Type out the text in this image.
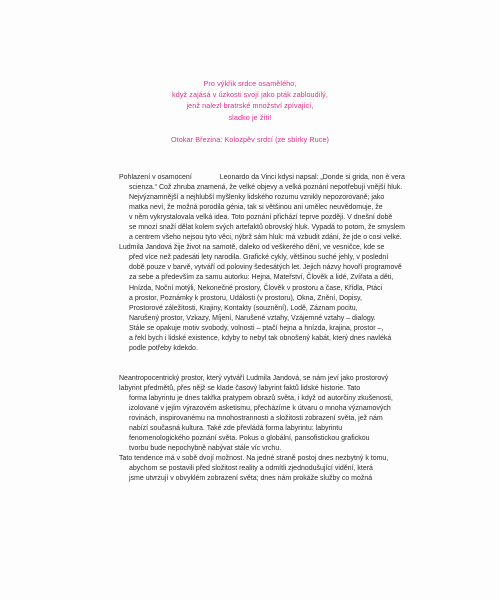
Pro výkřik srdce osamělého,
když zajásá v úzkosti svojí jako pták zabloudilý,
jenž nalezl bratrské množství zpívající,
sladko je žíti!
Otokar Březina: Kolozpěv srdcí (ze sbírky Ruce)
Pohlazení v osamocení	Leonardo da Vinci kdysi napsal: „Donde si grida, non è vera
scienza.“ Což zhruba znamená, že velké objevy a velká poznání nepotřebují vnější hluk.
Nejvýznamnější a nejhlubší myšlenky lidského rozumu vznikly nepozorovaně; jako
matka neví, že možná porodila génia, tak si většinou ani umělec neuvědomuje, že
v něm vykrystalovala velká idea. Toto poznání přichází teprve později. V dnešní době
se mnozí snaží dělat kolem svých artefaktů obrovský hluk. Vypadá to potom, že smyslem
a centrem všeho nejsou tyto věci, nýbrž sám hluk: má vzbudit zdání, že jde o cosi velké.
Ludmila Jandová žije život na samotě, daleko od veškerého dění, ve vesničce, kde se
před více než padesáti lety narodila. Grafické cykly, většinou suché jehly, v poslední
době pouze v barvě, vytváří od poloviny šedesátých let. Jejich názvy hovoří programově
za sebe a především za samu autorku: Hejna, Mateřství, Člověk a lidé, Zvířata a děti,
Hnízda, Noční motýli, Nekonečné prostory, Člověk v prostoru a čase, Křídla, Ptáci
a prostor, Poznámky k prostoru, Události (v prostoru), Okna, Znění, Dopisy,
Prostorové záležitosti, Krajiny, Kontakty (souznění), Lodě, Záznam pocitu,
Narušený prostor, Vzkazy, Míjení, Narušené vztahy, Vzájemné vztahy – dialogy.
Stále se opakuje motiv svobody, volnosti – ptačí hejna a hnízda, krajina, prostor –,
a řekl bych i lidské existence, kdyby to nebyl tak obnošený kabát, který dnes navléká
podle potřeby kdekdo.
Neantropocentrický prostor, který vytváří Ludmila Jandová, se nám jeví jako prostorový
labyrint předmětů, přes nějž se klade časový labyrint faktů lidské historie. Tato
forma labyrintu je dnes takřka pratypem obrazů světa, i když od autorčiny zkušenosti,
izolované v jejím výrazovém asketismu, přecházíme k útvaru o mnoha významových
rovinách, inspirovanému na mnohostrannosti a složitosti zobrazení světa, jež nám
nabízí současná kultura. Také zde převládá forma labyrintu: labyrintu
fenomenologického poznání světa. Pokus o globální, pansofistickou grafickou
tvorbu bude nepochybně nabývat stále víc vrchu.
Tato tendence má v sobě dvojí možnost. Na jedné straně postoj dnes nezbytný k tomu,
abychom se postavili před složitost reality a odmítli zjednodušující vidění, která
jsme utvrzují v obvyklém zobrazení světa; dnes nám prokáže služby co možná
